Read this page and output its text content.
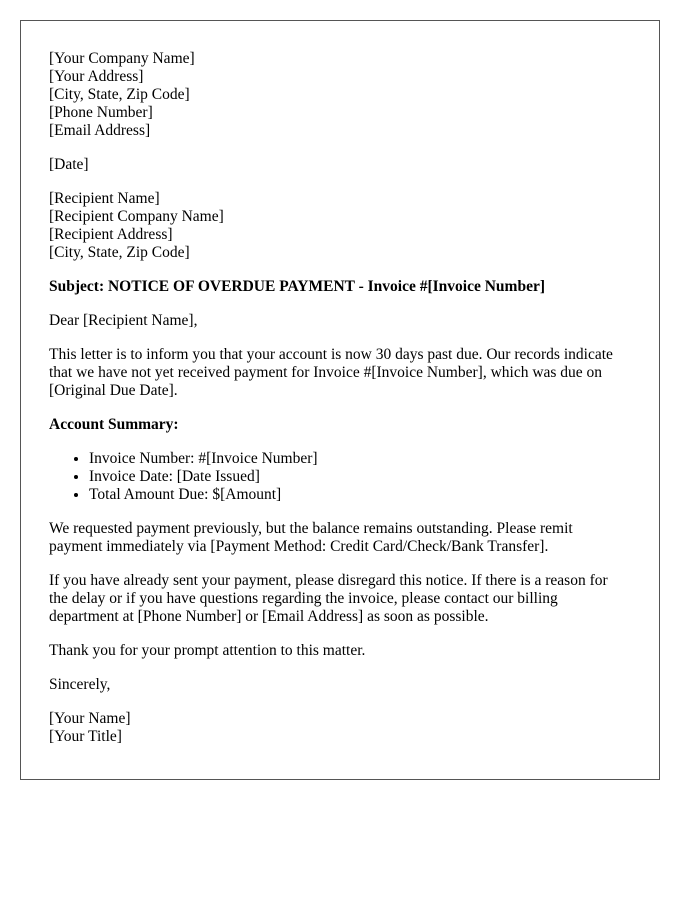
[Your Company Name]
[Your Address]
[City, State, Zip Code]
[Phone Number]
[Email Address]
[Date]
[Recipient Name]
[Recipient Company Name]
[Recipient Address]
[City, State, Zip Code]
Subject: NOTICE OF OVERDUE PAYMENT - Invoice #[Invoice Number]
Dear [Recipient Name],
This letter is to inform you that your account is now 30 days past due. Our records indicate
that we have not yet received payment for Invoice #[Invoice Number], which was due on
[Original Due Date].
Account Summary:
• Invoice Number: #[Invoice Number]
• Invoice Date: [Date Issued]
• Total Amount Due: $[Amount]
We requested payment previously, but the balance remains outstanding. Please remit
payment immediately via [Payment Method: Credit Card/Check/Bank Transfer].
If you have already sent your payment, please disregard this notice. If there is a reason for
the delay or if you have questions regarding the invoice, please contact our billing
department at [Phone Number] or [Email Address] as soon as possible.
Thank you for your prompt attention to this matter.
Sincerely,
[Your Name]
[Your Title]
